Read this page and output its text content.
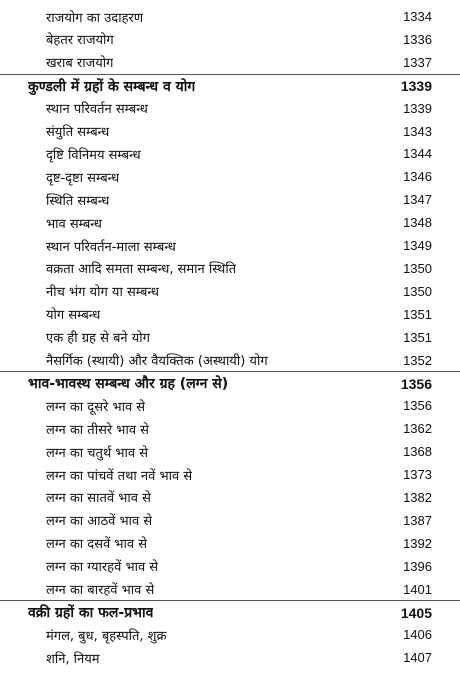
राजयोग का उदाहरण	1334
बेहतर राजयोग	1336
खराब राजयोग	1337
कुण्डली में ग्रहों के सम्बन्ध व योग	1339
स्थान परिवर्तन सम्बन्ध	1339
संयुति सम्बन्ध	1343
दृष्टि विनिमय सम्बन्ध	1344
दृष्ट-दृष्टा सम्बन्ध	1346
स्थिति सम्बन्ध	1347
भाव सम्बन्ध	1348
स्थान परिवर्तन-माला सम्बन्ध	1349
वक्रता आदि समता सम्बन्ध, समान स्थिति	1350
नीच भंग योग या सम्बन्ध	1350
योग सम्बन्ध	1351
एक ही ग्रह से बने योग	1351
नैसर्गिक (स्थायी) और वैयक्तिक (अस्थायी) योग	1352
भाव-भावस्थ सम्बन्ध और ग्रह (लग्न से)	1356
लग्न का दूसरे भाव से	1356
लग्न का तीसरे भाव से	1362
लग्न का चतुर्थ भाव से	1368
लग्न का पांचवें तथा नवें भाव से	1373
लग्न का सातवें भाव से	1382
लग्न का आठवें भाव से	1387
लग्न का दसवें भाव से	1392
लग्न का ग्यारहवें भाव से	1396
लग्न का बारहवें भाव से	1401
वक्री ग्रहों का फल-प्रभाव	1405
मंगल, बुध, बृहस्पति, शुक्र	1406
शनि, नियम	1407
